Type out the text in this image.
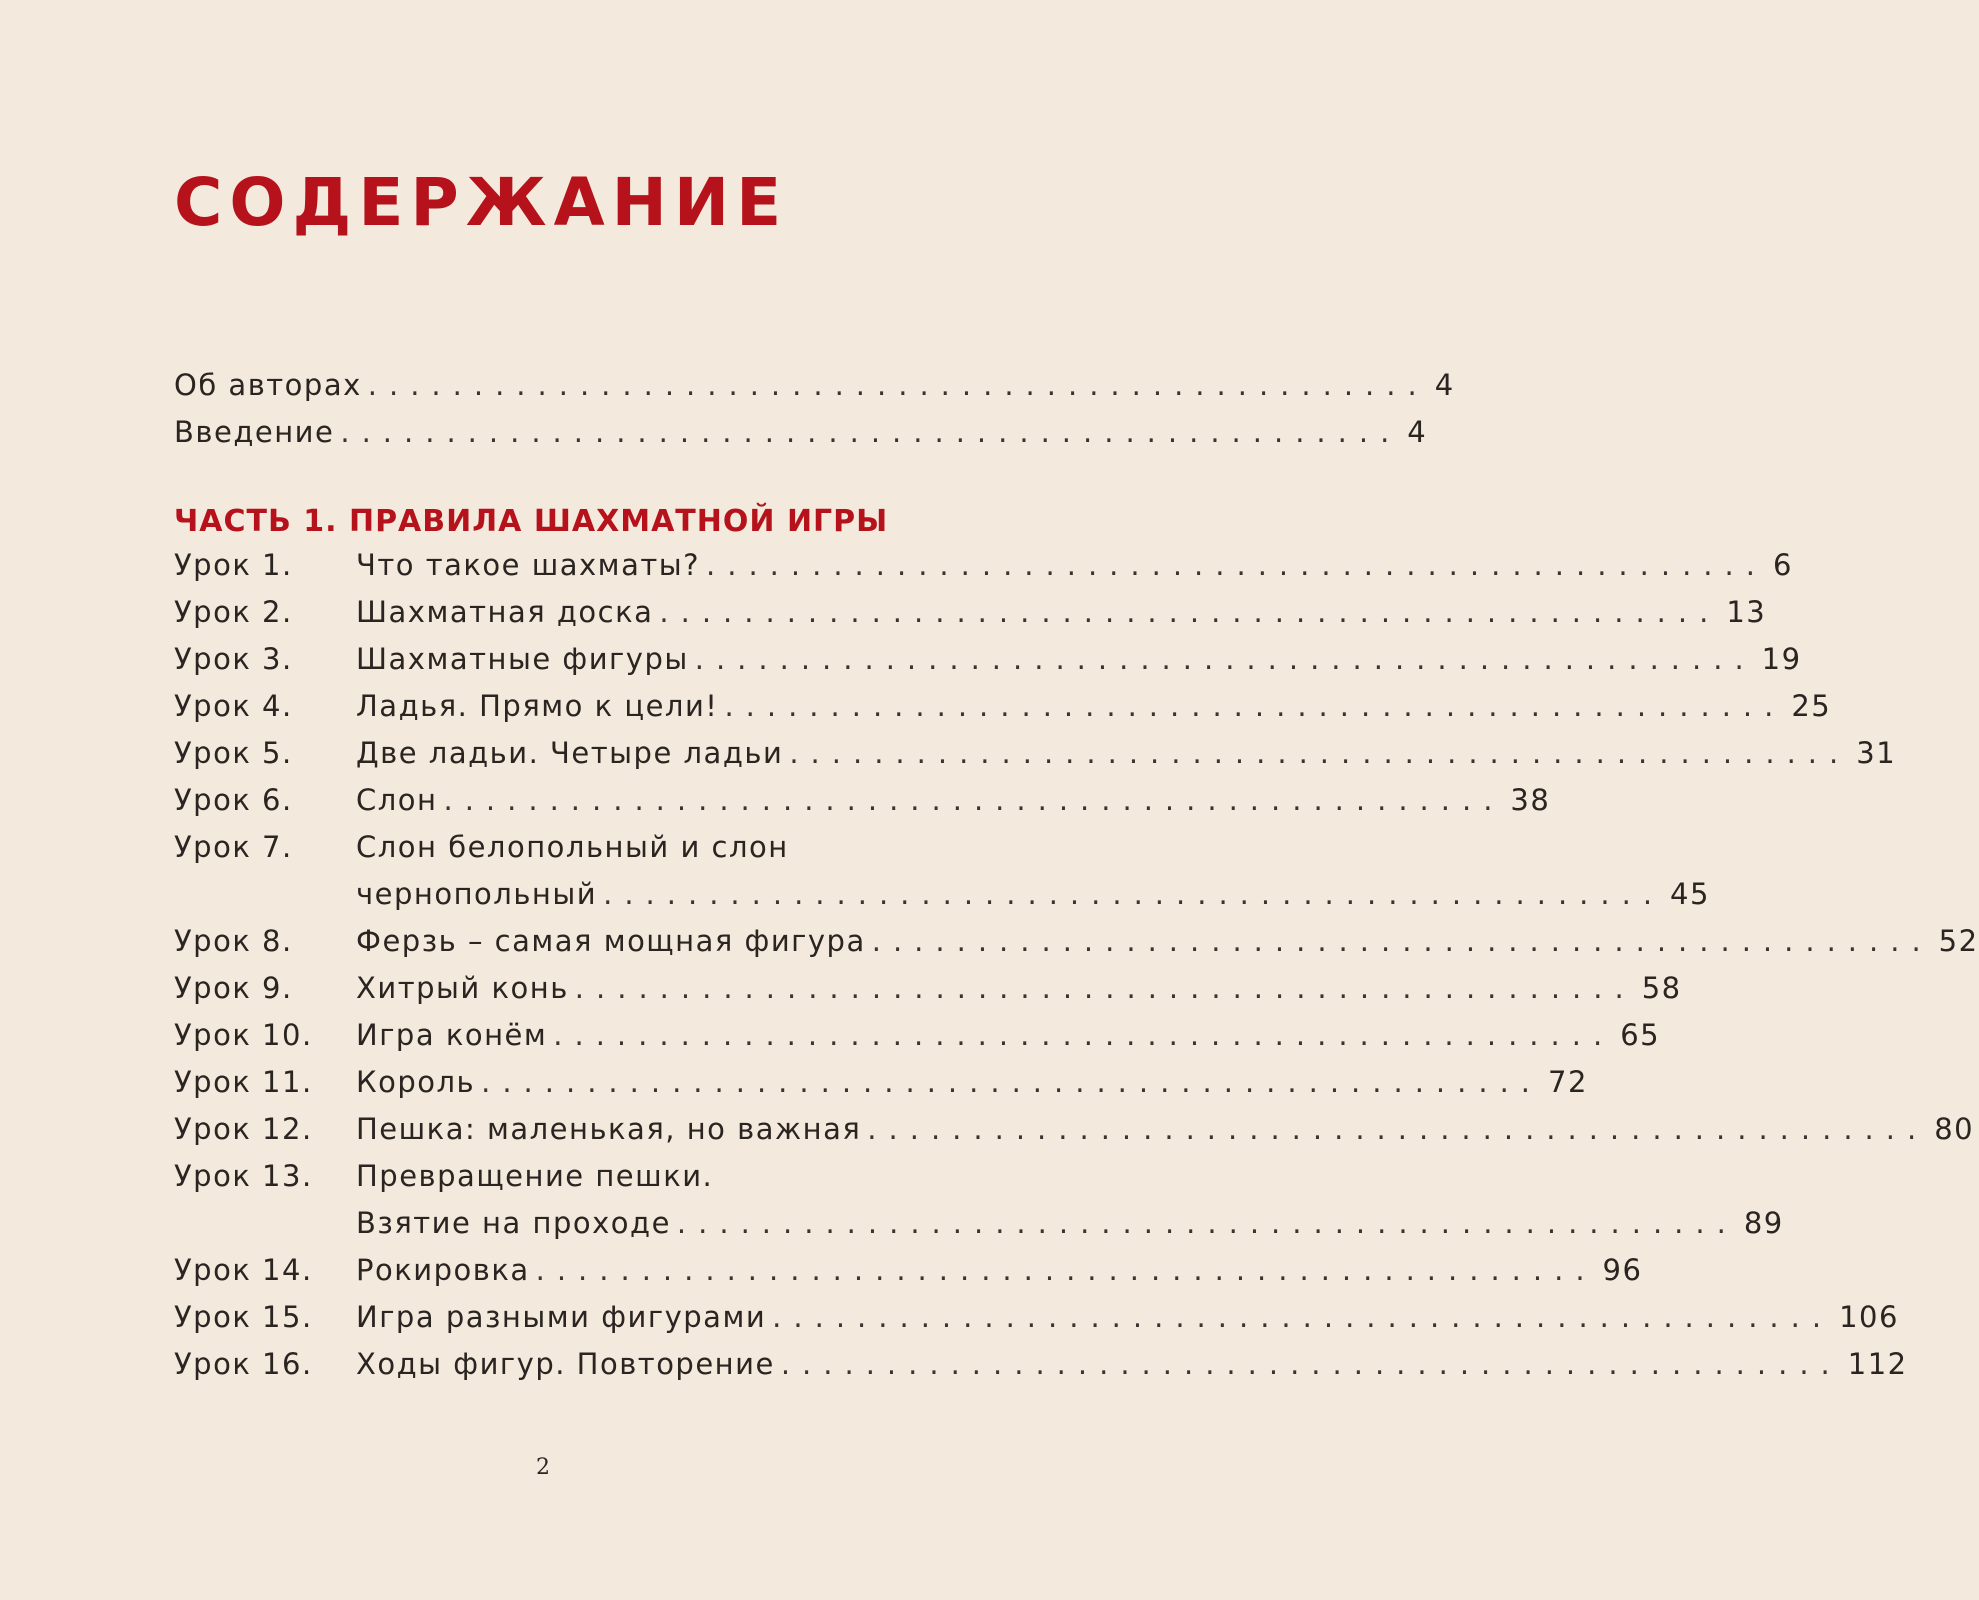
СОДЕРЖАНИЕ
Об авторах .................................................. 4
Введение .................................................. 4
ЧАСТЬ 1. ПРАВИЛА ШАХМАТНОЙ ИГРЫ
Урок 1. Что такое шахматы? .................................................. 6
Урок 2. Шахматная доска .................................................. 13
Урок 3. Шахматные фигуры .................................................. 19
Урок 4. Ладья. Прямо к цели! .................................................. 25
Урок 5. Две ладьи. Четыре ладьи .................................................. 31
Урок 6. Слон .................................................. 38
Урок 7. Слон белопольный и слон
чернопольный .................................................. 45
Урок 8. Ферзь – самая мощная фигура .................................................. 52
Урок 9. Хитрый конь .................................................. 58
Урок 10. Игра конём .................................................. 65
Урок 11. Король .................................................. 72
Урок 12. Пешка: маленькая, но важная .................................................. 80
Урок 13. Превращение пешки.
Взятие на проходе .................................................. 89
Урок 14. Рокировка .................................................. 96
Урок 15. Игра разными фигурами .................................................. 106
Урок 16. Ходы фигур. Повторение .................................................. 112
2
